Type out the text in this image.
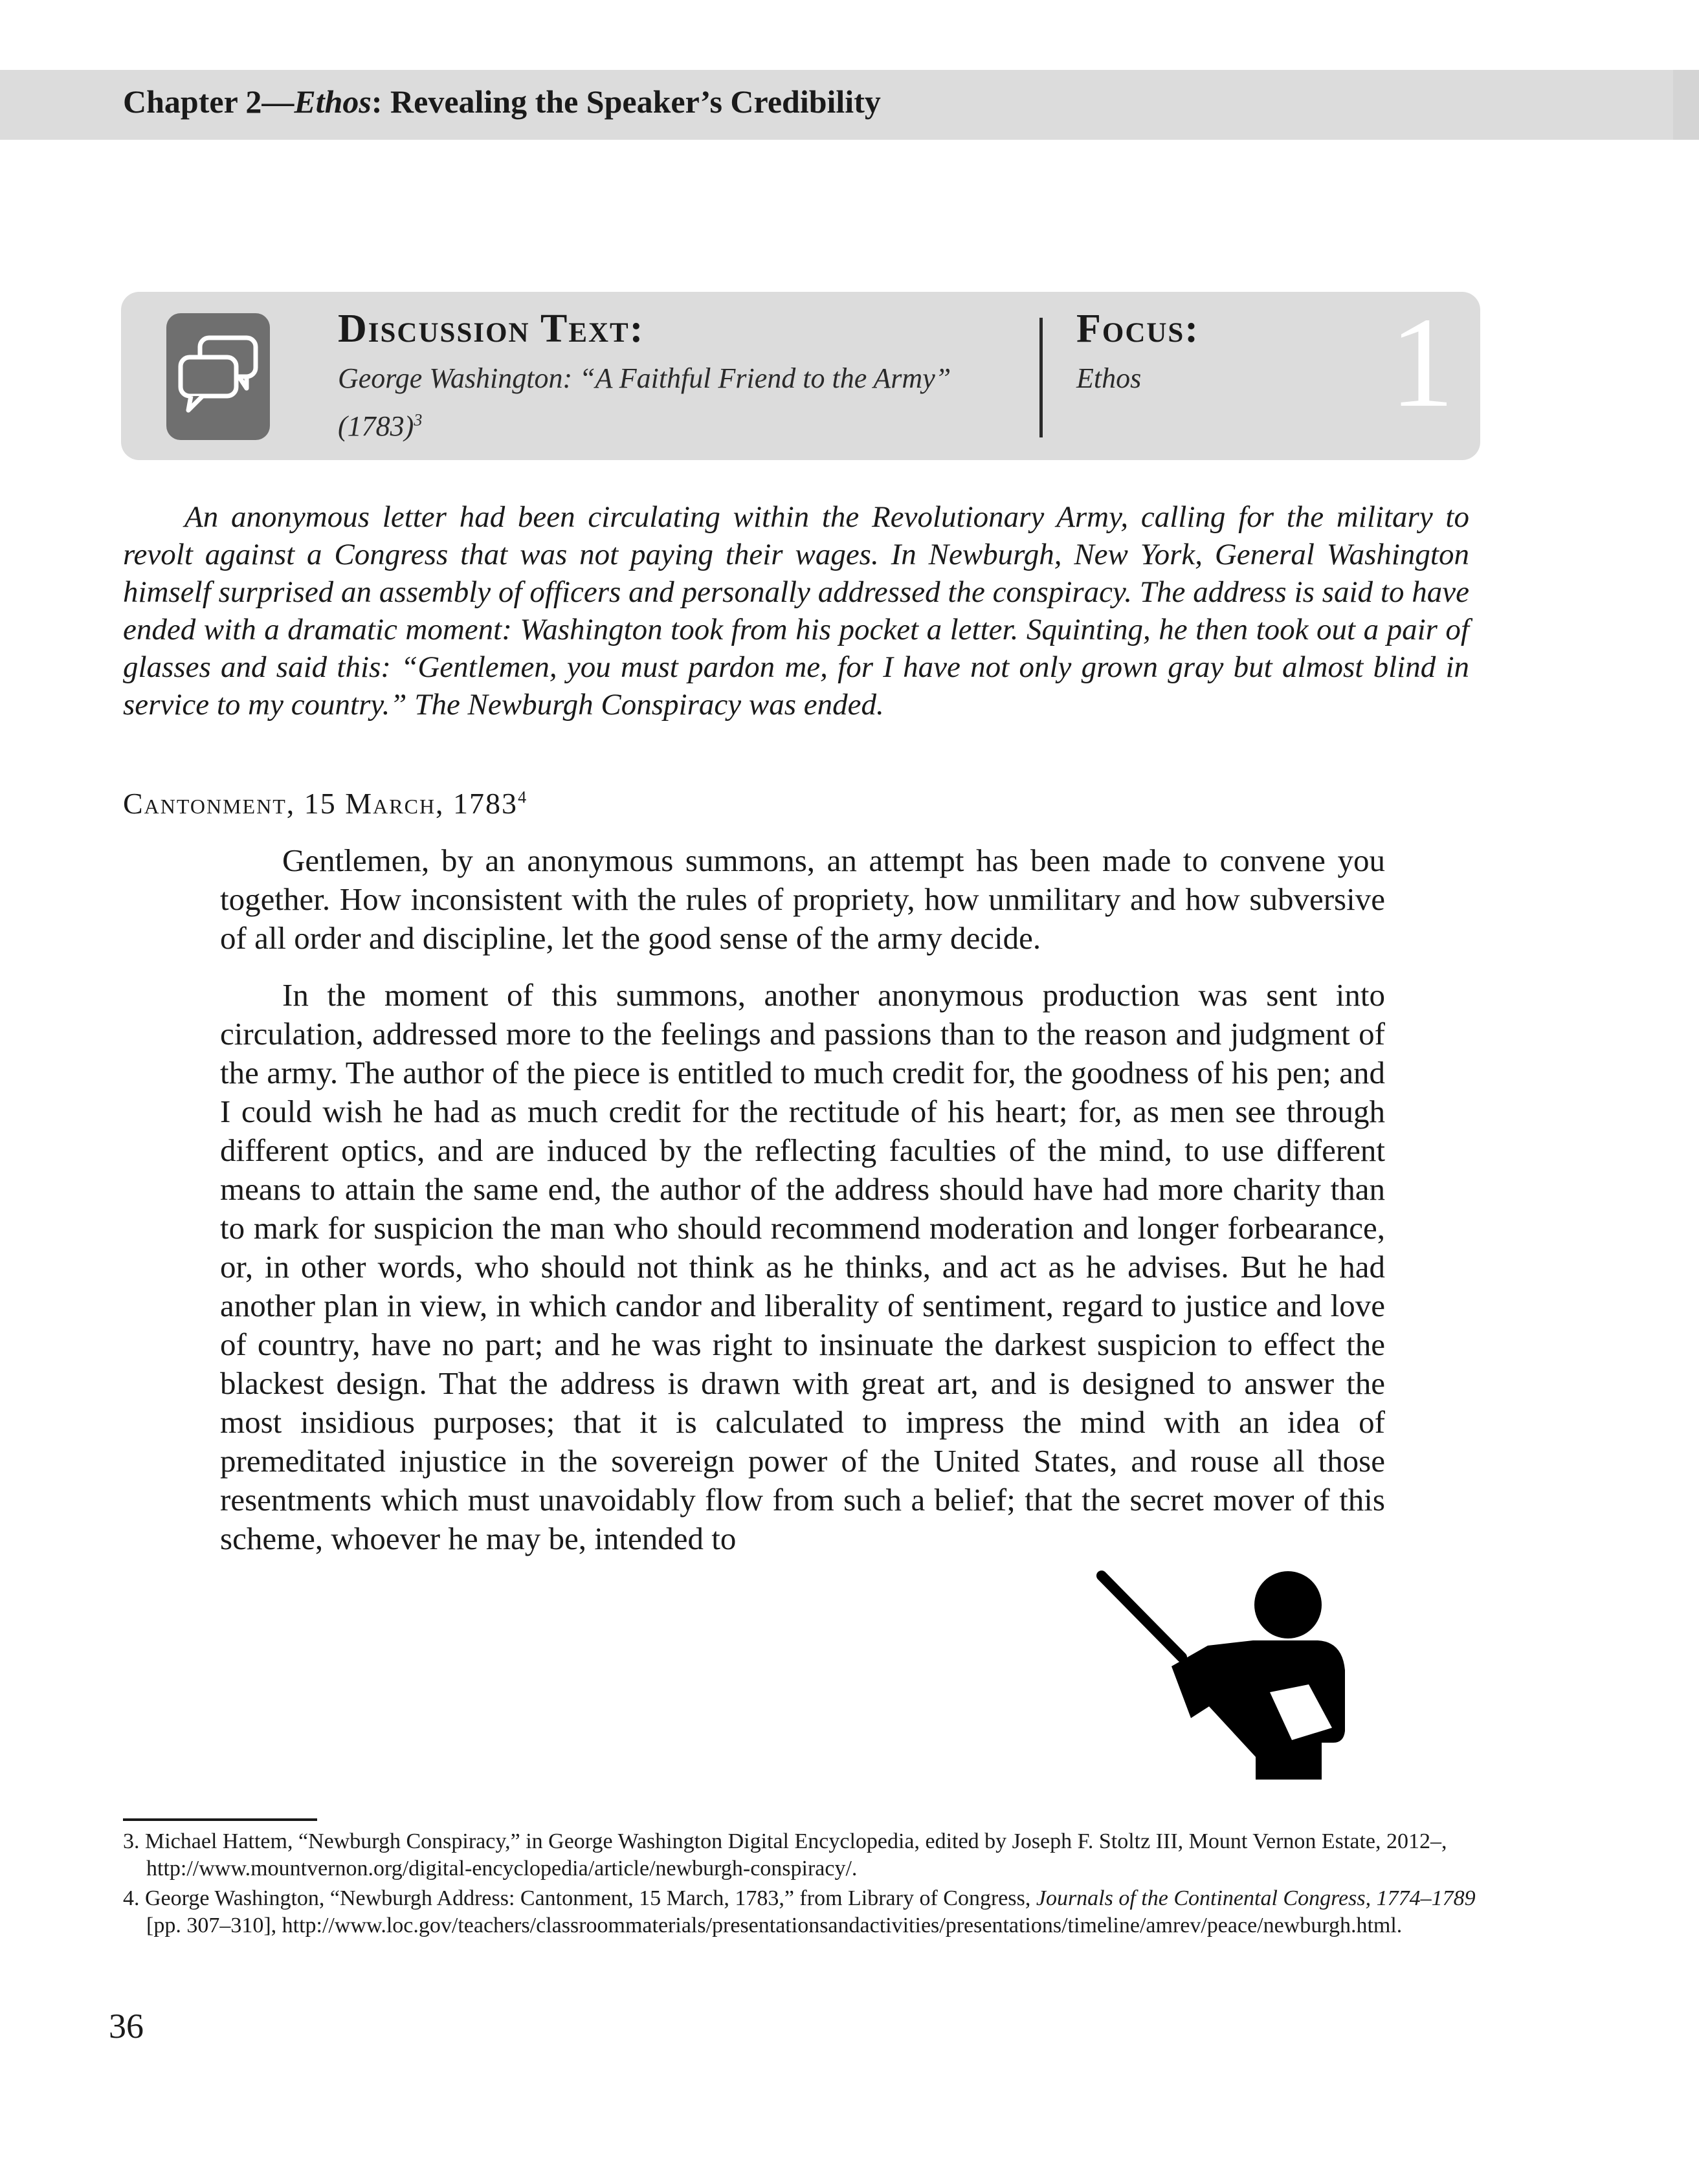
Chapter 2—Ethos: Revealing the Speaker’s Credibility
Discussion Text:
George Washington: “A Faithful Friend to the Army”
$(1783)^3$
Focus:
Ethos 1

An anonymous letter had been circulating within the Revolutionary Army, calling for the military to revolt against a Congress that was not paying their wages. In Newburgh, New York, General Washington himself surprised an assembly of officers and personally addressed the conspiracy. The address is said to have ended with a dramatic moment: Washington took from his pocket a letter. Squinting, he then took out a pair of glasses and said this: “Gentlemen, you must pardon me, for I have not only grown gray but almost blind in service to my country.” The Newburgh Conspiracy was ended.

Cantonment, 15 March, 1783$^4$

Gentlemen, by an anonymous summons, an attempt has been made to convene you together. How inconsistent with the rules of propriety, how unmilitary and how subversive of all order and discipline, let the good sense of the army decide.

In the moment of this summons, another anonymous production was sent into circulation, addressed more to the feelings and passions than to the reason and judgment of the army. The author of the piece is entitled to much credit for, the goodness of his pen; and I could wish he had as much credit for the rectitude of his heart; for, as men see through different optics, and are induced by the reflecting faculties of the mind, to use different means to attain the same end, the author of the address should have had more charity than to mark for suspicion the man who should recommend moderation and longer forbearance, or, in other words, who should not think as he thinks, and act as he advises. But he had another plan in view, in which candor and liberality of sentiment, regard to justice and love of country, have no part; and he was right to insinuate the darkest suspicion to effect the blackest design. That the address is drawn with great art, and is designed to answer the most insidious purposes; that it is calculated to impress the mind with an idea of premeditated injustice in the sovereign power of the United States, and rouse all those resentments which must unavoidably flow from such a belief; that the secret mover of this scheme, whoever he may be, intended to

3. Michael Hattem, “Newburgh Conspiracy,” in George Washington Digital Encyclopedia, edited by Joseph F. Stoltz III, Mount Vernon Estate, 2012–, http://www.mountvernon.org/digital-encyclopedia/article/newburgh-conspiracy/.

4. George Washington, “Newburgh Address: Cantonment, 15 March, 1783,” from Library of Congress, Journals of the Continental Congress, 1774–1789 [pp. 307–310], http://www.loc.gov/teachers/classroommaterials/presentationsandactivities/presentations/timeline/amrev/peace/newburgh.html.

36
